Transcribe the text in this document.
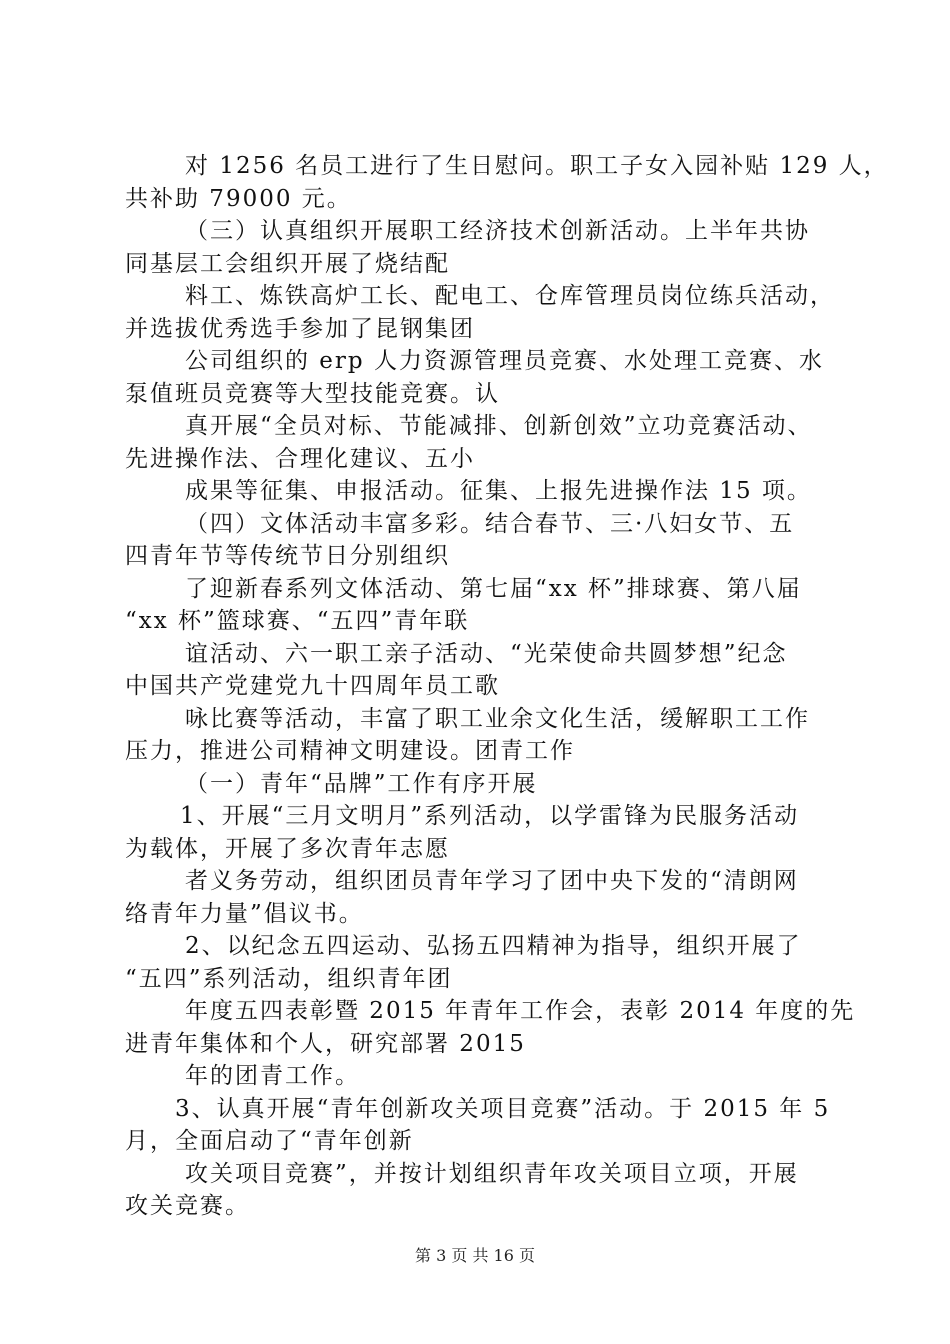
对 1256 名员工进行了生日慰问。职工子女入园补贴 129 人，
共补助 79000 元。
（三）认真组织开展职工经济技术创新活动。上半年共协
同基层工会组织开展了烧结配
料工、炼铁高炉工长、配电工、仓库管理员岗位练兵活动，
并选拔优秀选手参加了昆钢集团
公司组织的 erp 人力资源管理员竞赛、水处理工竞赛、水
泵值班员竞赛等大型技能竞赛。认
真开展“全员对标、节能减排、创新创效”立功竞赛活动、
先进操作法、合理化建议、五小
成果等征集、申报活动。征集、上报先进操作法 15 项。
（四）文体活动丰富多彩。结合春节、三·八妇女节、五
四青年节等传统节日分别组织
了迎新春系列文体活动、第七届“xx 杯”排球赛、第八届
“xx 杯”篮球赛、“五四”青年联
谊活动、六一职工亲子活动、“光荣使命共圆梦想”纪念
中国共产党建党九十四周年员工歌
咏比赛等活动，丰富了职工业余文化生活，缓解职工工作
压力，推进公司精神文明建设。团青工作
（一）青年“品牌”工作有序开展
1、开展“三月文明月”系列活动，以学雷锋为民服务活动
为载体，开展了多次青年志愿
者义务劳动，组织团员青年学习了团中央下发的“清朗网
络青年力量”倡议书。
2、以纪念五四运动、弘扬五四精神为指导，组织开展了
“五四”系列活动，组织青年团
年度五四表彰暨 2015 年青年工作会，表彰 2014 年度的先
进青年集体和个人，研究部署 2015
年的团青工作。
3、认真开展“青年创新攻关项目竞赛”活动。于 2015 年 5
月，全面启动了“青年创新
攻关项目竞赛”，并按计划组织青年攻关项目立项，开展
攻关竞赛。
第 3 页 共 16 页
